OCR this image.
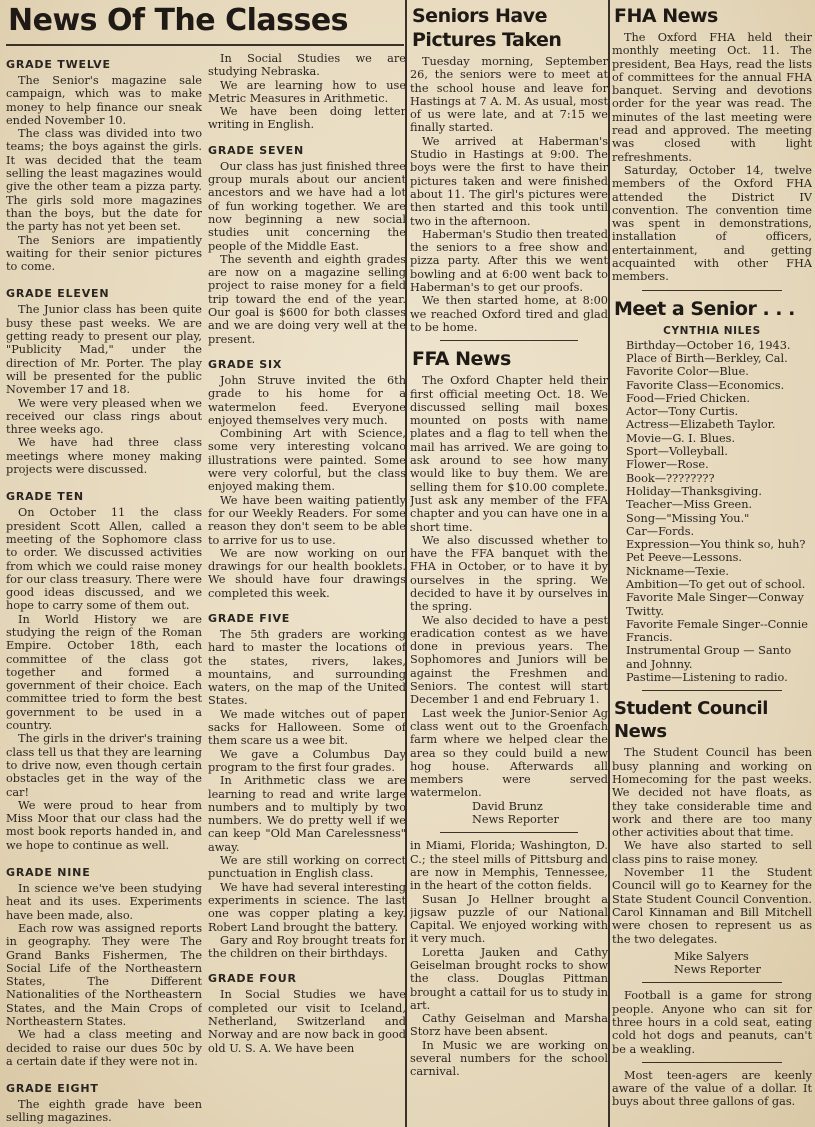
News Of The Classes
GRADE TWELVE

The Senior's magazine sale campaign, which was to make money to help finance our sneak ended November 10.

The class was divided into two teams; the boys against the girls. It was decided that the team selling the least magazines would give the other team a pizza party. The girls sold more magazines than the boys, but the date for the party has not yet been set.

The Seniors are impatiently waiting for their senior pictures to come.

GRADE ELEVEN

The Junior class has been quite busy these past weeks. We are getting ready to present our play, "Publicity Mad," under the direction of Mr. Porter. The play will be presented for the public November 17 and 18.

We were very pleased when we received our class rings about three weeks ago.

We have had three class meetings where money making projects were discussed.

GRADE TEN

On October 11 the class president Scott Allen, called a meeting of the Sophomore class to order. We discussed activities from which we could raise money for our class treasury. There were good ideas discussed, and we hope to carry some of them out.

In World History we are studying the reign of the Roman Empire. October 18th, each committee of the class got together and formed a government of their choice. Each committee tried to form the best government to be used in a country.

The girls in the driver's training class tell us that they are learning to drive now, even though certain obstacles get in the way of the car!

We were proud to hear from Miss Moor that our class had the most book reports handed in, and we hope to continue as well.

GRADE NINE

In science we've been studying heat and its uses. Experiments have been made, also.

Each row was assigned reports in geography. They were The Grand Banks Fishermen, The Social Life of the Northeastern States, The Different Nationalities of the Northeastern States, and the Main Crops of Northeastern States.

We had a class meeting and decided to raise our dues 50c by a certain date if they were not in.

GRADE EIGHT

The eighth grade have been selling magazines.

In Social Studies we are studying Nebraska.

We are learning how to use Metric Measures in Arithmetic.

We have been doing letter writing in English.

GRADE SEVEN

Our class has just finished three group murals about our ancient ancestors and we have had a lot of fun working together. We are now beginning a new social studies unit concerning the people of the Middle East.

The seventh and eighth grades are now on a magazine selling project to raise money for a field trip toward the end of the year. Our goal is $600 for both classes and we are doing very well at the present.

GRADE SIX

John Struve invited the 6th grade to his home for a watermelon feed. Everyone enjoyed themselves very much.

Combining Art with Science, some very interesting volcano illustrations were painted. Some were very colorful, but the class enjoyed making them.

We have been waiting patiently for our Weekly Readers. For some reason they don't seem to be able to arrive for us to use.

We are now working on our drawings for our health booklets. We should have four drawings completed this week.

GRADE FIVE

The 5th graders are working hard to master the locations of the states, rivers, lakes, mountains, and surrounding waters, on the map of the United States.

We made witches out of paper sacks for Halloween. Some of them scare us a wee bit.

We gave a Columbus Day program to the first four grades.

In Arithmetic class we are learning to read and write large numbers and to multiply by two numbers. We do pretty well if we can keep "Old Man Carelessness" away.

We are still working on correct punctuation in English class.

We have had several interesting experiments in science. The last one was copper plating a key. Robert Land brought the battery.

Gary and Roy brought treats for the children on their birthdays.

GRADE FOUR

In Social Studies we have completed our visit to Iceland, Netherland, Switzerland and Norway and are now back in good old U. S. A. We have been

Seniors Have Pictures Taken

Tuesday morning, September 26, the seniors were to meet at the school house and leave for Hastings at 7 A. M. As usual, most of us were late, and at 7:15 we finally started.

We arrived at Haberman's Studio in Hastings at 9:00. The boys were the first to have their pictures taken and were finished about 11. The girl's pictures were then started and this took until two in the afternoon.

Haberman's Studio then treated the seniors to a free show and pizza party. After this we went bowling and at 6:00 went back to Haberman's to get our proofs.

We then started home, at 8:00 we reached Oxford tired and glad to be home.

FFA News

The Oxford Chapter held their first official meeting Oct. 18. We discussed selling mail boxes mounted on posts with name plates and a flag to tell when the mail has arrived. We are going to ask around to see how many would like to buy them. We are selling them for $10.00 complete. Just ask any member of the FFA chapter and you can have one in a short time.

We also discussed whether to have the FFA banquet with the FHA in October, or to have it by ourselves in the spring. We decided to have it by ourselves in the spring.

We also decided to have a pest eradication contest as we have done in previous years. The Sophomores and Juniors will be against the Freshmen and Seniors. The contest will start December 1 and end February 1.

Last week the Junior-Senior Ag class went out to the Groenfach farm where we helped clear the area so they could build a new hog house. Afterwards all members were served watermelon.

David Brunz

News Reporter

in Miami, Florida; Washington, D. C.; the steel mills of Pittsburg and are now in Memphis, Tennessee, in the heart of the cotton fields.

Susan Jo Hellner brought a jigsaw puzzle of our National Capital. We enjoyed working with it very much.

Loretta Jauken and Cathy Geiselman brought rocks to show the class. Douglas Pittman brought a cattail for us to study in art.

Cathy Geiselman and Marsha Storz have been absent.

In Music we are working on several numbers for the school carnival.

FHA News

The Oxford FHA held their monthly meeting Oct. 11. The president, Bea Hays, read the lists of committees for the annual FHA banquet. Serving and devotions order for the year was read. The minutes of the last meeting were read and approved. The meeting was closed with light refreshments.

Saturday, October 14, twelve members of the Oxford FHA attended the District IV convention. The convention time was spent in demonstrations, installation of officers, entertainment, and getting acquainted with other FHA members.

Meet a Senior . . .
CYNTHIA NILES

Birthday—October 16, 1943.

Place of Birth—Berkley, Cal.

Favorite Color—Blue.

Favorite Class—Economics.

Food—Fried Chicken.

Actor—Tony Curtis.

Actress—Elizabeth Taylor.

Movie—G. I. Blues.

Sport—Volleyball.

Flower—Rose.

Book—????????

Holiday—Thanksgiving.

Teacher—Miss Green.

Song—"Missing You."

Car—Fords.

Expression—You think so, huh?

Pet Peeve—Lessons.

Nickname—Texie.

Ambition—To get out of school.

Favorite Male Singer—Conway Twitty.

Favorite Female Singer--Connie Francis.

Instrumental Group — Santo and Johnny.

Pastime—Listening to radio.

Student Council News

The Student Council has been busy planning and working on Homecoming for the past weeks. We decided not have floats, as they take considerable time and work and there are too many other activities about that time.

We have also started to sell class pins to raise money.

November 11 the Student Council will go to Kearney for the State Student Council Convention. Carol Kinnaman and Bill Mitchell were chosen to represent us as the two delegates.

Mike Salyers

News Reporter

Football is a game for strong people. Anyone who can sit for three hours in a cold seat, eating cold hot dogs and peanuts, can't be a weakling.

Most teen-agers are keenly aware of the value of a dollar. It buys about three gallons of gas.
